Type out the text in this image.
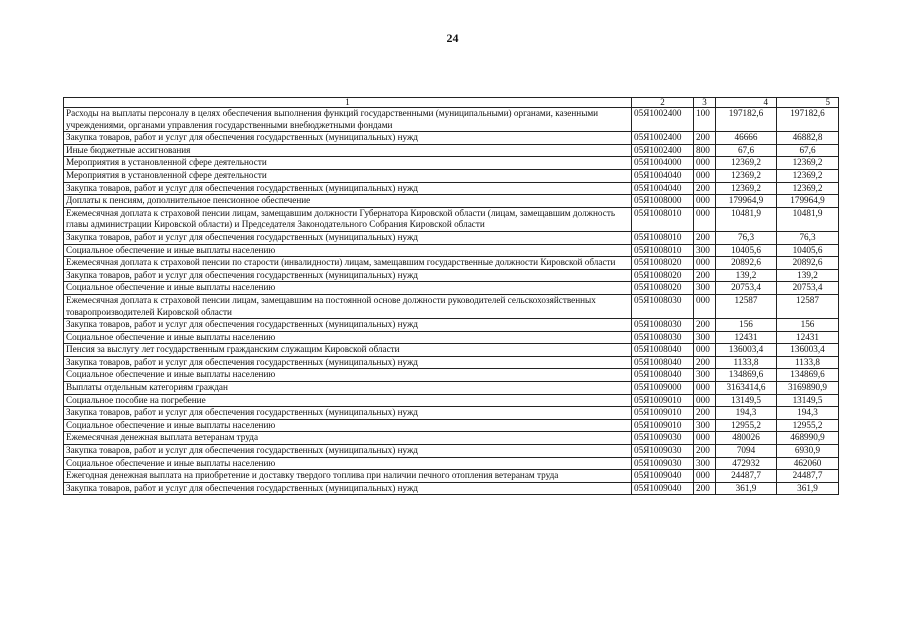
24
1	2	3	4	5
Расходы на выплаты персоналу в целях обеспечения выполнения функций государственными (муниципальными) органами, казенными учреждениями, органами управления государственными внебюджетными фондами	05Я1002400	100	197182,6	197182,6
Закупка товаров, работ и услуг для обеспечения государственных (муниципальных) нужд	05Я1002400	200	46666	46882,8
Иные бюджетные ассигнования	05Я1002400	800	67,6	67,6
Мероприятия в установленной сфере деятельности	05Я1004000	000	12369,2	12369,2
Мероприятия в установленной сфере деятельности	05Я1004040	000	12369,2	12369,2
Закупка товаров, работ и услуг для обеспечения государственных (муниципальных) нужд	05Я1004040	200	12369,2	12369,2
Доплаты к пенсиям, дополнительное пенсионное обеспечение	05Я1008000	000	179964,9	179964,9
Ежемесячная доплата к страховой пенсии лицам, замещавшим должности Губернатора Кировской области (лицам, замещавшим должность главы администрации Кировской области) и Председателя Законодательного Собрания Кировской области	05Я1008010	000	10481,9	10481,9
Закупка товаров, работ и услуг для обеспечения государственных (муниципальных) нужд	05Я1008010	200	76,3	76,3
Социальное обеспечение и иные выплаты населению	05Я1008010	300	10405,6	10405,6
Ежемесячная доплата к страховой пенсии по старости (инвалидности) лицам, замещавшим государственные должности Кировской области	05Я1008020	000	20892,6	20892,6
Закупка товаров, работ и услуг для обеспечения государственных (муниципальных) нужд	05Я1008020	200	139,2	139,2
Социальное обеспечение и иные выплаты населению	05Я1008020	300	20753,4	20753,4
Ежемесячная доплата к страховой пенсии лицам, замещавшим на постоянной основе должности руководителей сельскохозяйственных товаропроизводителей Кировской области	05Я1008030	000	12587	12587
Закупка товаров, работ и услуг для обеспечения государственных (муниципальных) нужд	05Я1008030	200	156	156
Социальное обеспечение и иные выплаты населению	05Я1008030	300	12431	12431
Пенсия за выслугу лет государственным гражданским служащим Кировской области	05Я1008040	000	136003,4	136003,4
Закупка товаров, работ и услуг для обеспечения государственных (муниципальных) нужд	05Я1008040	200	1133,8	1133,8
Социальное обеспечение и иные выплаты населению	05Я1008040	300	134869,6	134869,6
Выплаты отдельным категориям граждан	05Я1009000	000	3163414,6	3169890,9
Социальное пособие на погребение	05Я1009010	000	13149,5	13149,5
Закупка товаров, работ и услуг для обеспечения государственных (муниципальных) нужд	05Я1009010	200	194,3	194,3
Социальное обеспечение и иные выплаты населению	05Я1009010	300	12955,2	12955,2
Ежемесячная денежная выплата ветеранам труда	05Я1009030	000	480026	468990,9
Закупка товаров, работ и услуг для обеспечения государственных (муниципальных) нужд	05Я1009030	200	7094	6930,9
Социальное обеспечение и иные выплаты населению	05Я1009030	300	472932	462060
Ежегодная денежная выплата на приобретение и доставку твердого топлива при наличии печного отопления ветеранам труда	05Я1009040	000	24487,7	24487,7
Закупка товаров, работ и услуг для обеспечения государственных (муниципальных) нужд	05Я1009040	200	361,9	361,9
